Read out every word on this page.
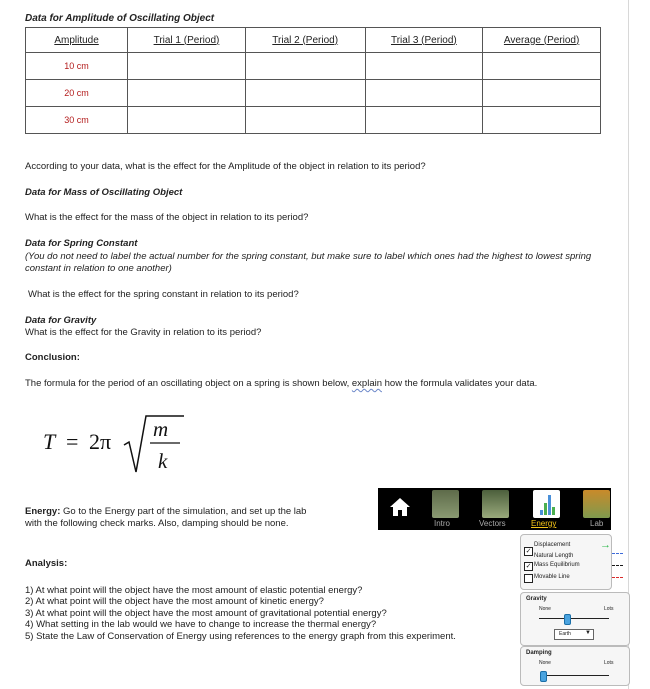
Data for Amplitude of Oscillating Object
Amplitude	Trial 1 (Period)	Trial 2 (Period)	Trial 3 (Period)	Average (Period)
10 cm				
20 cm				
30 cm				
According to your data, what is the effect for the Amplitude of the object in relation to its period?
Data for Mass of Oscillating Object
What is the effect for the mass of the object in relation to its period?
Data for Spring Constant
(You do not need to label the actual number for the spring constant, but make sure to label which ones had the highest to lowest spring constant in relation to one another)
What is the effect for the spring constant in relation to its period?
Data for Gravity
What is the effect for the Gravity in relation to its period?
Conclusion:
The formula for the period of an oscillating object on a spring is shown below, explain how the formula validates your data.
T = 2π m
k
Energy: Go to the Energy part of the simulation, and set up the lab with the following check marks. Also, damping should be none.
Analysis:
1) At what point will the object have the most amount of elastic potential energy?
2) At what point will the object have the most amount of kinetic energy?
3) At what point will the object have the most amount of gravitational potential energy?
4) What setting in the lab would we have to change to increase the thermal energy?
5) State the Law of Conservation of Energy using references to the energy graph from this experiment.
Intro	Vectors	Energy	Lab
✓
Displacement
Natural Length
✓ Mass Equilibrium
Movable Line
→
Gravity
None	Lots
Earth ▼
Damping
None	Lots
